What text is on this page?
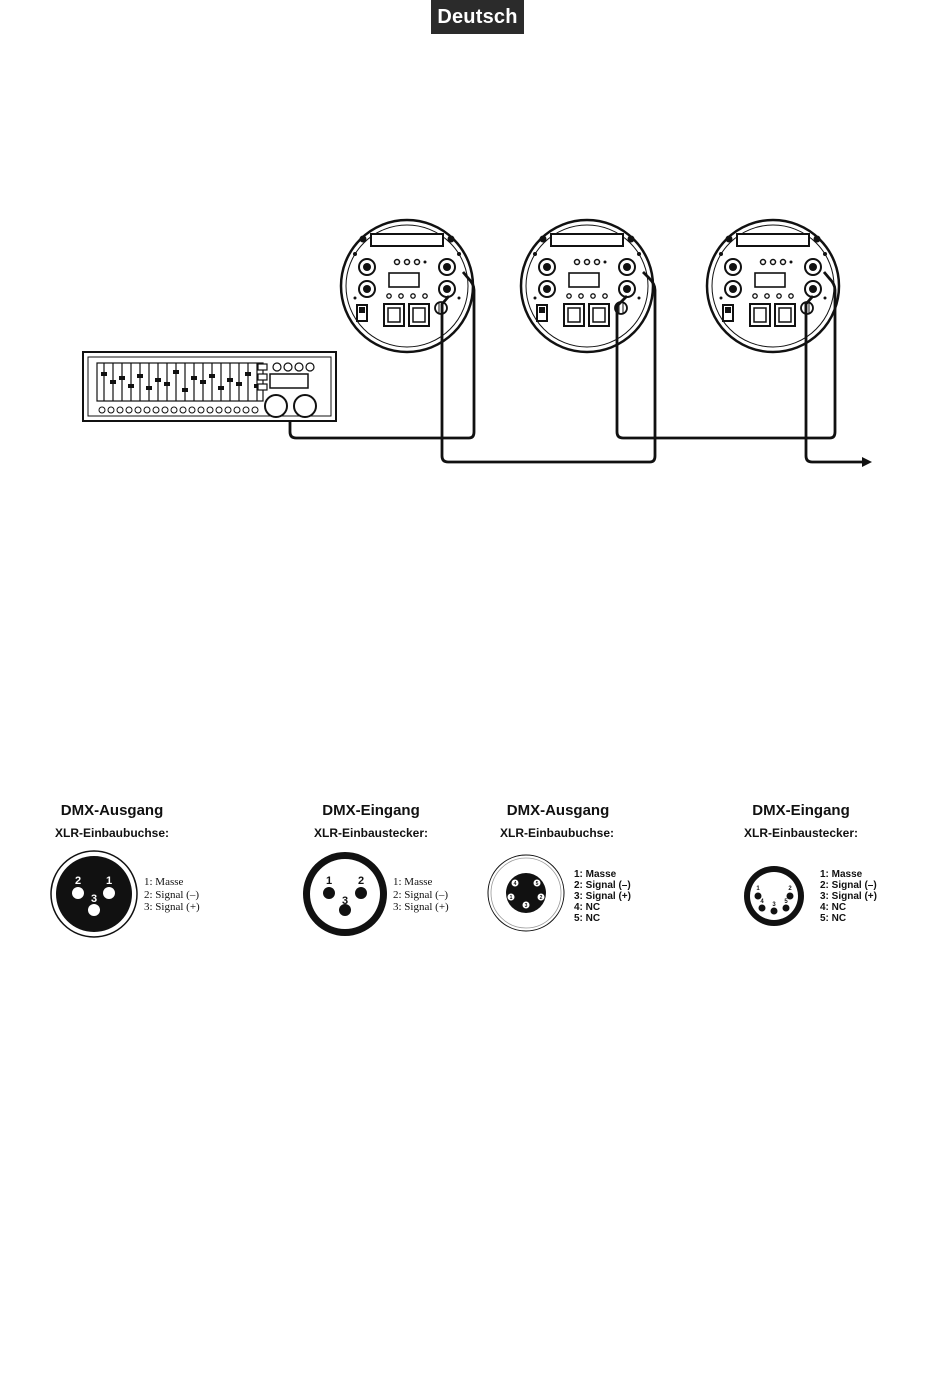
Deutsch
2 1
3
1 2
3	1	2
3
4	5
1	2
3
4	5
DMX-Ausgang
XLR-Einbaubuchse:
DMX-Eingang
XLR-Einbaustecker:
DMX-Ausgang
XLR-Einbaubuchse:
DMX-Eingang
XLR-Einbaustecker:
1: Masse
2: Signal (–)
3: Signal (+)
1: Masse
2: Signal (–)
3: Signal (+)
1: Masse
2: Signal (–)
3: Signal (+)
4: NC
5: NC
1: Masse
2: Signal (–)
3: Signal (+)
4: NC
5: NC
